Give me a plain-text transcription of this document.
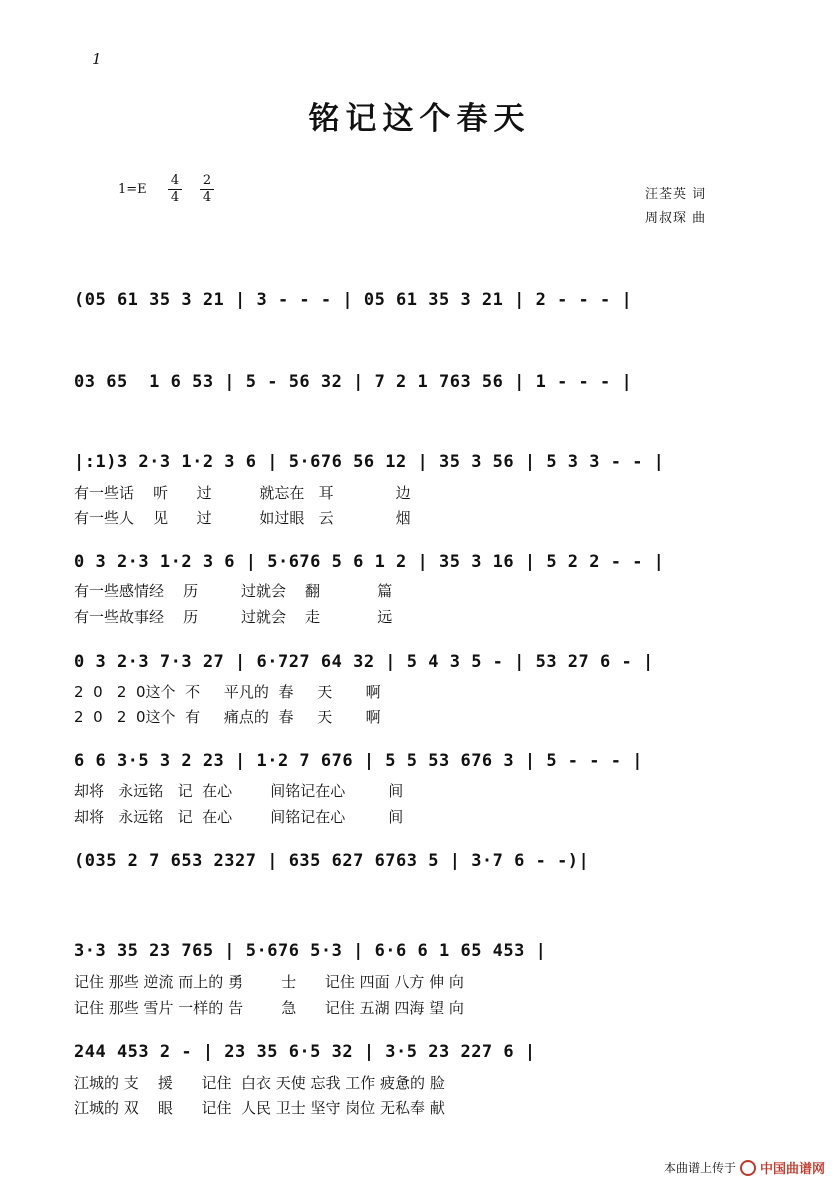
1
铭记这个春天
1=E
4
4
2
4	汪荃英 词
周叔琛 曲
(05 61 35 3 21 | 3 - - - | 05 61 35 3 21 | 2 - - - |
03 65  1 6 53 | 5 - 56 32 | 7 2 1 763 56 | 1 - - - |
|:1)3 2·3 1·2 3 6 | 5·676 56 12 | 35 3 56 | 5 3 3 - - |
有一些话    听      过          就忘在   耳             边
有一些人    见      过          如过眼   云             烟
0 3 2·3 1·2 3 6 | 5·676 5 6 1 2 | 35 3 16 | 5 2 2 - - |
有一些感情经    历         过就会    翻            篇
有一些故事经    历         过就会    走            远
0 3 2·3 7·3 27 | 6·727 64 32 | 5 4 3 5 - | 53 27 6 - |
2  0   2  0这个  不     平凡的  春     天       啊
2  0   2  0这个  有     痛点的  春     天       啊
6 6 3·5 3 2 23 | 1·2 7 676 | 5 5 53 676 3 | 5 - - - |
却将   永远铭   记  在心        间铭记在心         间
却将   永远铭   记  在心        间铭记在心         间
(035 2 7 653 2327 | 635 627 6763 5 | 3·7 6 - -)|
3·3 35 23 765 | 5·676 5·3 | 6·6 6 1 65 453 |
记住 那些 逆流 而上的 勇        士      记住 四面 八方 伸 向
记住 那些 雪片 一样的 告        急      记住 五湖 四海 望 向
244 453 2 - | 23 35 6·5 32 | 3·5 23 227 6 |
江城的 支    援      记住  白衣 天使 忘我 工作 疲惫的 脸
江城的 双    眼      记住  人民 卫士 坚守 岗位 无私奉 献
本曲谱上传于 中国曲谱网
